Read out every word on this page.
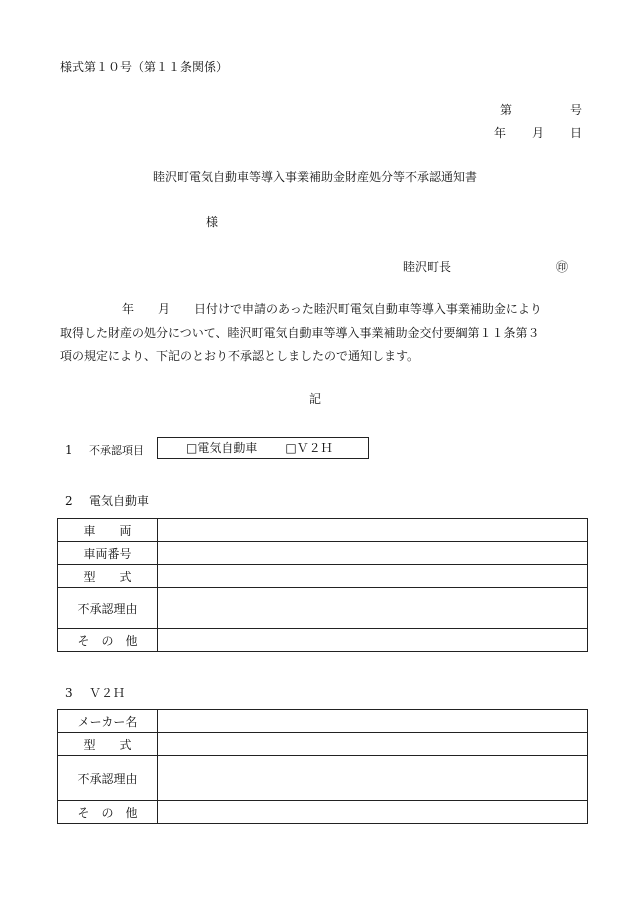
様式第１０号（第１１条関係）
第	号
年 月 日
睦沢町電気自動車等導入事業補助金財産処分等不承認通知書
様
睦沢町長	㊞

年　　月　　日付けで申請のあった睦沢町電気自動車等導入事業補助金により

取得した財産の処分について、睦沢町電気自動車等導入事業補助金交付要綱第１１条第３

項の規定により、下記のとおり不承認としましたので通知します。

記
1 不承認項目	□電気自動車 □Ｖ２Ｈ
2 電気自動車
車　　両	
車両番号	
型　　式	
不承認理由	
そ　の　他	
3 Ｖ２Ｈ
メーカー名	
型　　式	
不承認理由	
そ　の　他	
